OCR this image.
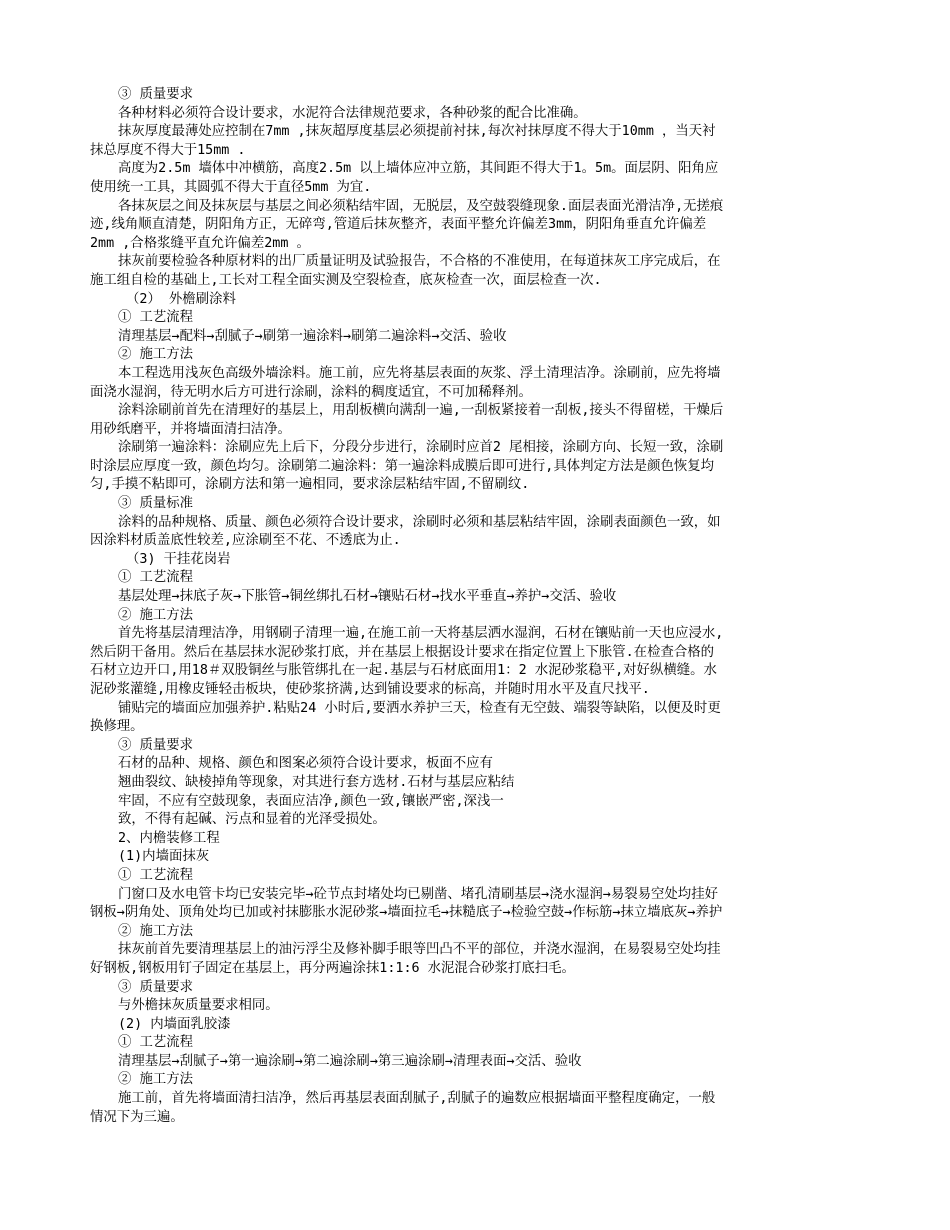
③ 质量要求
各种材料必须符合设计要求，水泥符合法律规范要求，各种砂浆的配合比准确。
抹灰厚度最薄处应控制在7mm ,抹灰超厚度基层必须提前衬抹,每次衬抹厚度不得大于10mm ，当天衬
抹总厚度不得大于15mm .
高度为2.5m 墙体中冲横筋，高度2.5m 以上墙体应冲立筋，其间距不得大于1。5m。面层阴、阳角应
使用统一工具，其圆弧不得大于直径5mm 为宜.
各抹灰层之间及抹灰层与基层之间必须粘结牢固，无脱层，及空鼓裂缝现象.面层表面光滑洁净,无搓痕
迹,线角顺直清楚，阴阳角方正，无碎弯,管道后抹灰整齐，表面平整允许偏差3mm，阴阳角垂直允许偏差
2mm ,合格浆缝平直允许偏差2mm 。
抹灰前要检验各种原材料的出厂质量证明及试验报告，不合格的不准使用，在每道抹灰工序完成后，在
施工组自检的基础上,工长对工程全面实测及空裂检查，底灰检查一次，面层检查一次.
（2） 外檐刷涂料
① 工艺流程
清理基层→配料→刮腻子→刷第一遍涂料→刷第二遍涂料→交活、验收
② 施工方法
本工程选用浅灰色高级外墙涂料。施工前，应先将基层表面的灰浆、浮土清理洁净。涂刷前，应先将墙
面浇水湿润，待无明水后方可进行涂刷，涂料的稠度适宜，不可加稀释剂。
涂料涂刷前首先在清理好的基层上，用刮板横向满刮一遍,一刮板紧接着一刮板,接头不得留槎，干燥后
用砂纸磨平，并将墙面清扫洁净。
涂刷第一遍涂料：涂刷应先上后下，分段分步进行，涂刷时应首2 尾相接，涂刷方向、长短一致，涂刷
时涂层应厚度一致，颜色均匀。涂刷第二遍涂料：第一遍涂料成膜后即可进行,具体判定方法是颜色恢复均
匀,手摸不粘即可，涂刷方法和第一遍相同，要求涂层粘结牢固,不留刷纹.
③ 质量标准
涂料的品种规格、质量、颜色必须符合设计要求，涂刷时必须和基层粘结牢固，涂刷表面颜色一致，如
因涂料材质盖底性较差,应涂刷至不花、不透底为止.
（3) 干挂花岗岩
① 工艺流程
基层处理→抹底子灰→下胀管→铜丝绑扎石材→镶贴石材→找水平垂直→养护→交活、验收
② 施工方法
首先将基层清理洁净，用钢刷子清理一遍,在施工前一天将基层洒水湿润，石材在镶贴前一天也应浸水,
然后阴干备用。然后在基层抹水泥砂浆打底，并在基层上根据设计要求在指定位置上下胀管.在检查合格的
石材立边开口,用18＃双股铜丝与胀管绑扎在一起.基层与石材底面用1：2 水泥砂浆稳平,对好纵横缝。水
泥砂浆灌缝,用橡皮锤轻击板块，使砂浆挤满,达到铺设要求的标高，并随时用水平及直尺找平.
铺贴完的墙面应加强养护.粘贴24 小时后,要洒水养护三天，检查有无空鼓、端裂等缺陷，以便及时更
换修理。
③ 质量要求
石材的品种、规格、颜色和图案必须符合设计要求，板面不应有
翘曲裂纹、缺棱掉角等现象，对其进行套方选材.石材与基层应粘结
牢固，不应有空鼓现象，表面应洁净,颜色一致,镶嵌严密,深浅一
致，不得有起碱、污点和显着的光泽受损处。
2、内檐装修工程
(1)内墙面抹灰
① 工艺流程
门窗口及水电管卡均已安装完毕→砼节点封堵处均已剔凿、堵孔清刷基层→浇水湿润→易裂易空处均挂好
钢板→阴角处、顶角处均已加或衬抹膨胀水泥砂浆→墙面拉毛→抹糙底子→检验空鼓→作标筋→抹立墙底灰→养护
② 施工方法
抹灰前首先要清理基层上的油污浮尘及修补脚手眼等凹凸不平的部位，并浇水湿润，在易裂易空处均挂
好钢板,钢板用钉子固定在基层上，再分两遍涂抹1:1:6 水泥混合砂浆打底扫毛。
③ 质量要求
与外檐抹灰质量要求相同。
(2) 内墙面乳胶漆
① 工艺流程
清理基层→刮腻子→第一遍涂刷→第二遍涂刷→第三遍涂刷→清理表面→交活、验收
② 施工方法
施工前，首先将墙面清扫洁净，然后再基层表面刮腻子,刮腻子的遍数应根据墙面平整程度确定，一般
情况下为三遍。
